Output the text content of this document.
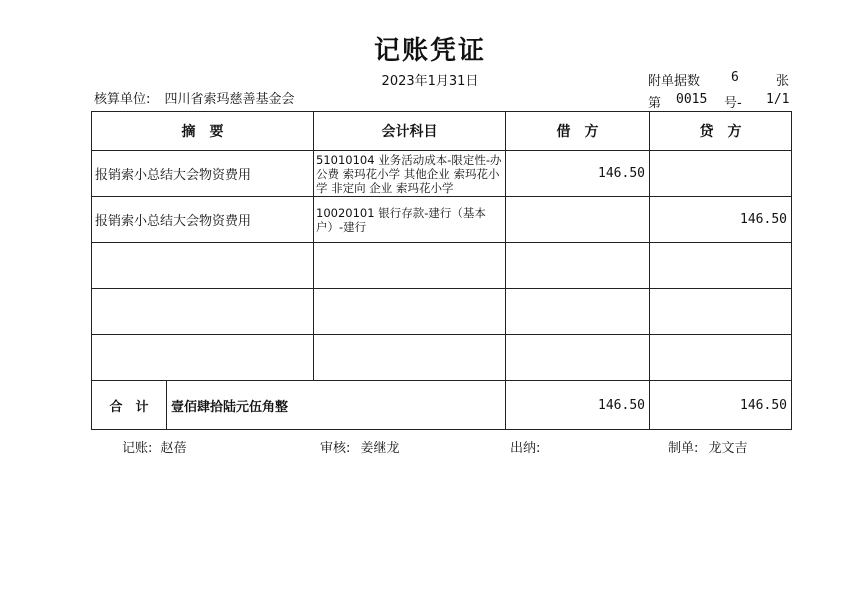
记账凭证
2023年1月31日
核算单位: 四川省索玛慈善基金会
附单据数 6	张
第 0015 号- 1/1
摘　要	会计科目	借　方	贷　方
报销索小总结大会物资费用	51010104 业务活动成本-限定性-办公费 索玛花小学 其他企业 索玛花小学 非定向 企业 索玛花小学	146.50	
报销索小总结大会物资费用	10020101 银行存款-建行（基本户）-建行		146.50

合　计 壹佰肆拾陆元伍角整		146.50	146.50
记账: 赵蓓	审核: 姜继龙	出纳:	制单: 龙文吉
